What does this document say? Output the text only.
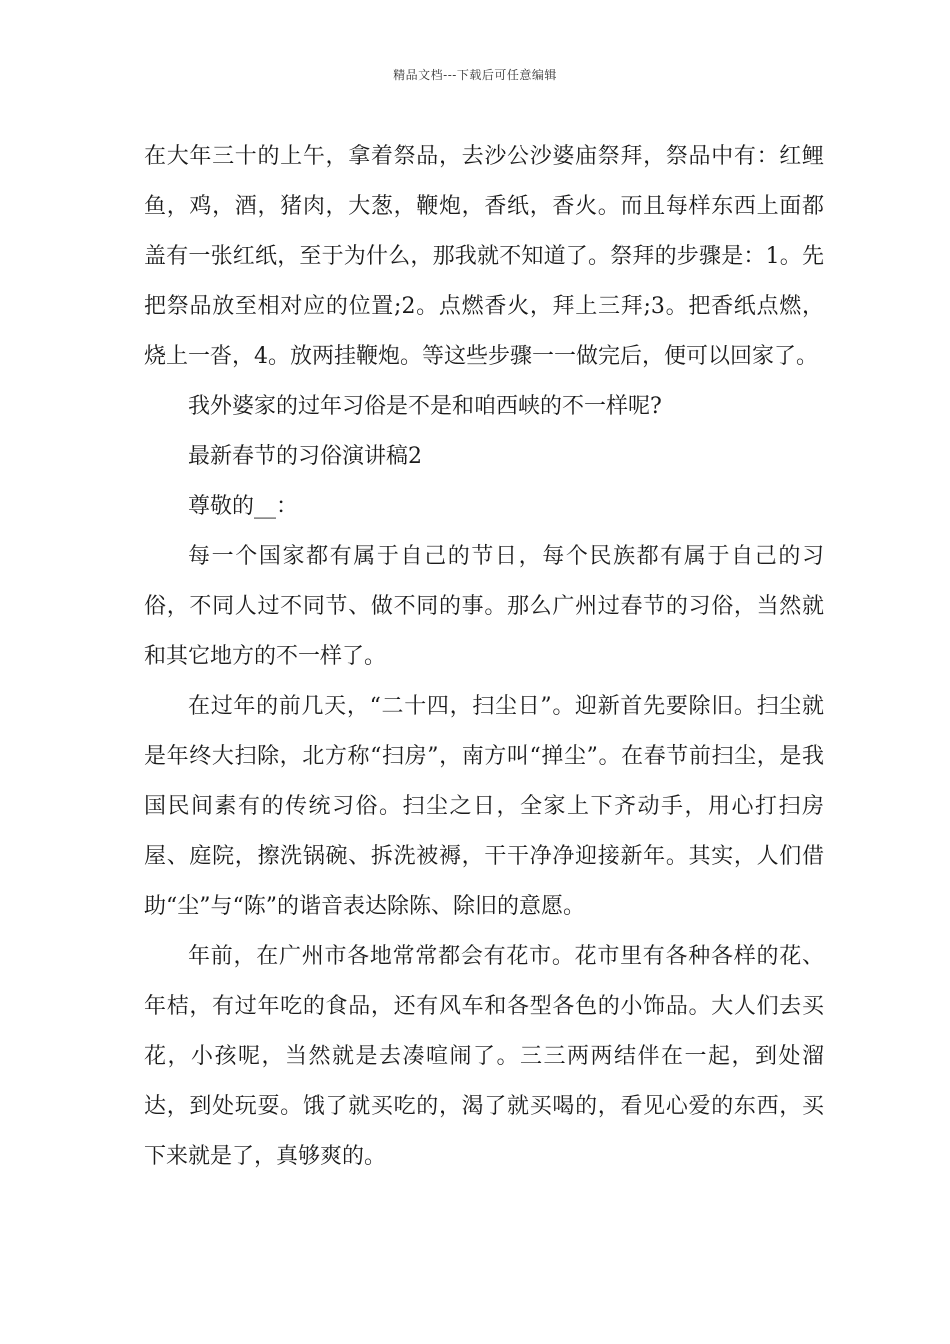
精品文档---下载后可任意编辑

在大年三十的上午，拿着祭品，去沙公沙婆庙祭拜，祭品中有：红鲤鱼，鸡，酒，猪肉，大葱，鞭炮，香纸，香火。而且每样东西上面都盖有一张红纸，至于为什么，那我就不知道了。祭拜的步骤是：1。先把祭品放至相对应的位置;2。点燃香火，拜上三拜;3。把香纸点燃，烧上一沓，4。放两挂鞭炮。等这些步骤一一做完后，便可以回家了。

我外婆家的过年习俗是不是和咱西峡的不一样呢?

最新春节的习俗演讲稿2

尊敬的__：

每一个国家都有属于自己的节日，每个民族都有属于自己的习俗，不同人过不同节、做不同的事。那么广州过春节的习俗，当然就和其它地方的不一样了。

在过年的前几天，“二十四，扫尘日”。迎新首先要除旧。扫尘就是年终大扫除，北方称“扫房”，南方叫“掸尘”。在春节前扫尘，是我国民间素有的传统习俗。扫尘之日，全家上下齐动手，用心打扫房屋、庭院，擦洗锅碗、拆洗被褥，干干净净迎接新年。其实，人们借助“尘”与“陈”的谐音表达除陈、除旧的意愿。

年前，在广州市各地常常都会有花市。花市里有各种各样的花、年桔，有过年吃的食品，还有风车和各型各色的小饰品。大人们去买花，小孩呢，当然就是去凑喧闹了。三三两两结伴在一起，到处溜达，到处玩耍。饿了就买吃的，渴了就买喝的，看见心爱的东西，买下来就是了，真够爽的。
